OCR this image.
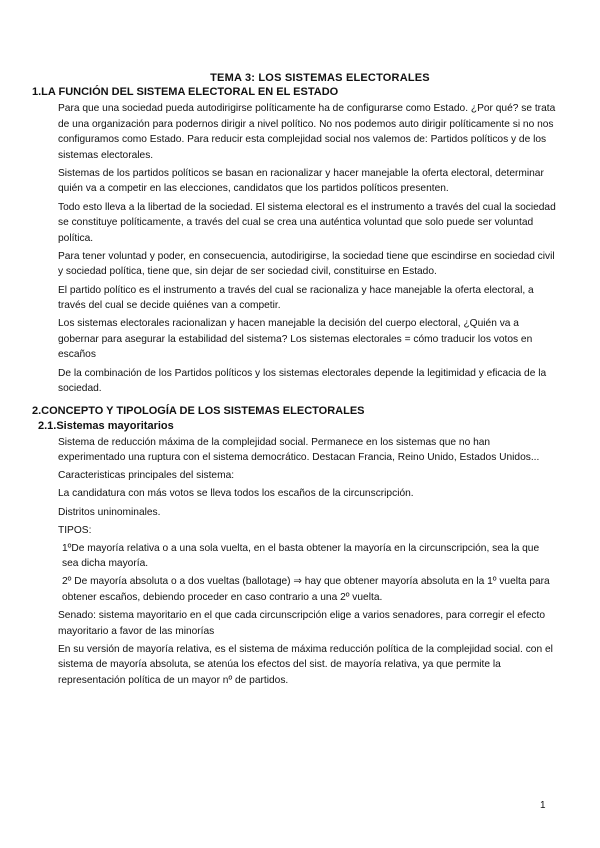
TEMA 3: LOS SISTEMAS ELECTORALES
1.LA FUNCIÓN DEL SISTEMA ELECTORAL EN EL ESTADO

Para que una sociedad pueda autodirigirse políticamente ha de configurarse como Estado. ¿Por qué? se trata de una organización para podernos dirigir a nivel político. No nos podemos auto dirigir políticamente si no nos configuramos como Estado. Para reducir esta complejidad social nos valemos de: Partidos políticos y de los sistemas electorales.

Sistemas de los partidos políticos se basan en racionalizar y hacer manejable la oferta electoral, determinar quién va a competir en las elecciones, candidatos que los partidos políticos presenten.

Todo esto lleva a la libertad de la sociedad. El sistema electoral es el instrumento a través del cual la sociedad se constituye políticamente, a través del cual se crea una auténtica voluntad que solo puede ser voluntad política.

Para tener voluntad y poder, en consecuencia, autodirigirse, la sociedad tiene que escindirse en sociedad civil y sociedad política, tiene que, sin dejar de ser sociedad civil, constituirse en Estado.

El partido político es el instrumento a través del cual se racionaliza y hace manejable la oferta electoral, a través del cual se decide quiénes van a competir.

Los sistemas electorales racionalizan y hacen manejable la decisión del cuerpo electoral, ¿Quién va a gobernar para asegurar la estabilidad del sistema? Los sistemas electorales = cómo traducir los votos en escaños

De la combinación de los Partidos políticos y los sistemas electorales depende la legitimidad y eficacia de la sociedad.

2.CONCEPTO Y TIPOLOGÍA DE LOS SISTEMAS ELECTORALES
2.1.Sistemas mayoritarios

Sistema de reducción máxima de la complejidad social. Permanece en los sistemas que no han experimentado una ruptura con el sistema democrático. Destacan Francia, Reino Unido, Estados Unidos...

Caracteristicas principales del sistema:

La candidatura con más votos se lleva todos los escaños de la circunscripción.

Distritos uninominales.

TIPOS:

1ºDe mayoría relativa o a una sola vuelta, en el basta obtener la mayoría en la circunscripción, sea la que sea dicha mayoría.

2º De mayoría absoluta o a dos vueltas (ballotage) ⇒ hay que obtener mayoría absoluta en la 1º vuelta para obtener escaños, debiendo proceder en caso contrario a una 2º vuelta.

Senado: sistema mayoritario en el que cada circunscripción elige a varios senadores, para corregir el efecto mayoritario a favor de las minorías

En su versión de mayoría relativa, es el sistema de máxima reducción política de la complejidad social. con el sistema de mayoría absoluta, se atenúa los efectos del sist. de mayoría relativa, ya que permite la representación política de un mayor nº de partidos.

1
